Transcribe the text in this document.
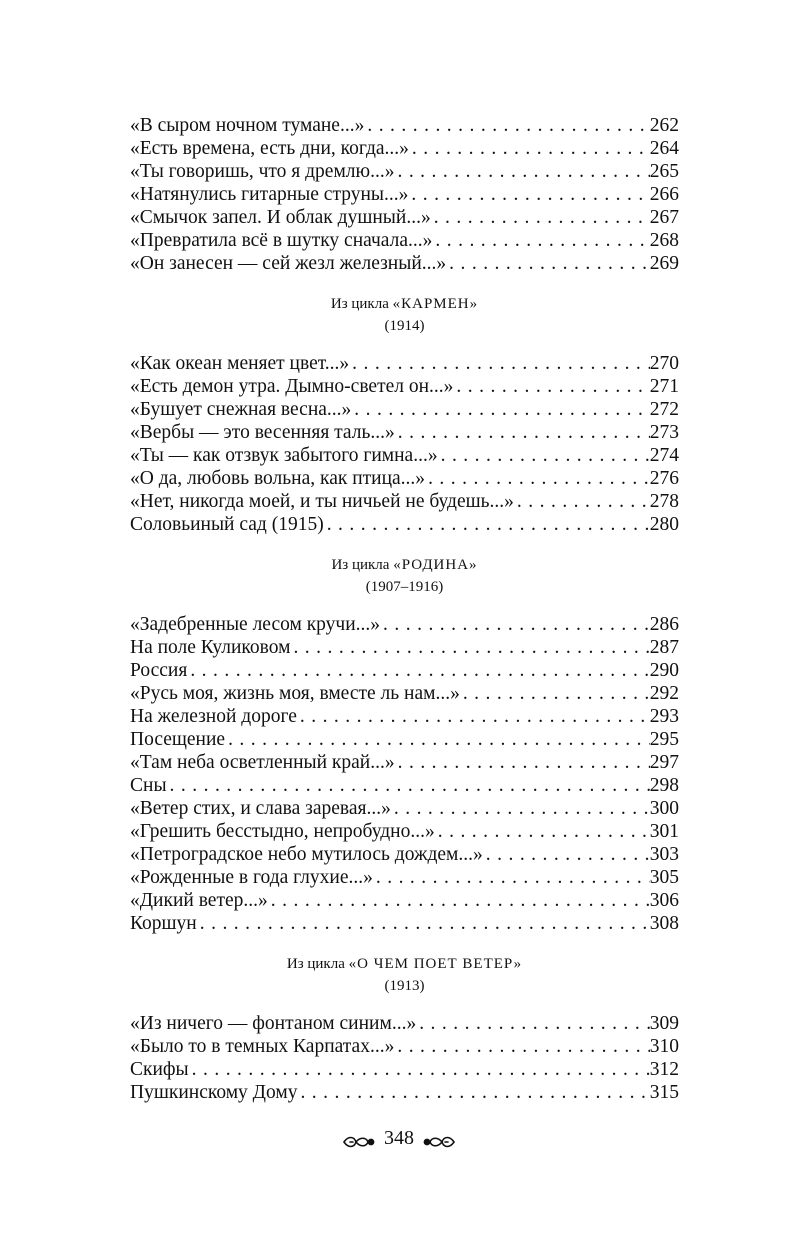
«В сыром ночном тумане...» . . .	262
«Есть времена, есть дни, когда...» . . .	264
«Ты говоришь, что я дремлю...» . . .	265
«Натянулись гитарные струны...» . . .	266
«Смычок запел. И облак душный...» . . .	267
«Превратила всё в шутку сначала...» . . .	268
«Он занесен — сей жезл железный...» . . .	269
Из цикла «КАРМЕН»
(1914)
«Как океан меняет цвет...» . . .	270
«Есть демон утра. Дымно-светел он...» . . .	271
«Бушует снежная весна...» . . .	272
«Вербы — это весенняя таль...» . . .	273
«Ты — как отзвук забытого гимна...» . . .	274
«О да, любовь вольна, как птица...» . . .	276
«Нет, никогда моей, и ты ничьей не будешь...» . . .	278
Соловьиный сад (1915) . . .	280
Из цикла «РОДИНА»
(1907–1916)
«Задебренные лесом кручи...» . . .	286
На поле Куликовом . . .	287
Россия . . .	290
«Русь моя, жизнь моя, вместе ль нам...» . . .	292
На железной дороге . . .	293
Посещение . . .	295
«Там неба осветленный край...» . . .	297
Сны . . .	298
«Ветер стих, и слава заревая...» . . .	300
«Грешить бесстыдно, непробудно...» . . .	301
«Петроградское небо мутилось дождем...» . . .	303
«Рожденные в года глухие...» . . .	305
«Дикий ветер...» . . .	306
Коршун . . .	308
Из цикла «О ЧЕМ ПОЕТ ВЕТЕР»
(1913)
«Из ничего — фонтаном синим...» . . .	309
«Было то в темных Карпатах...» . . .	310
Скифы . . .	312
Пушкинскому Дому . . .	315
348
